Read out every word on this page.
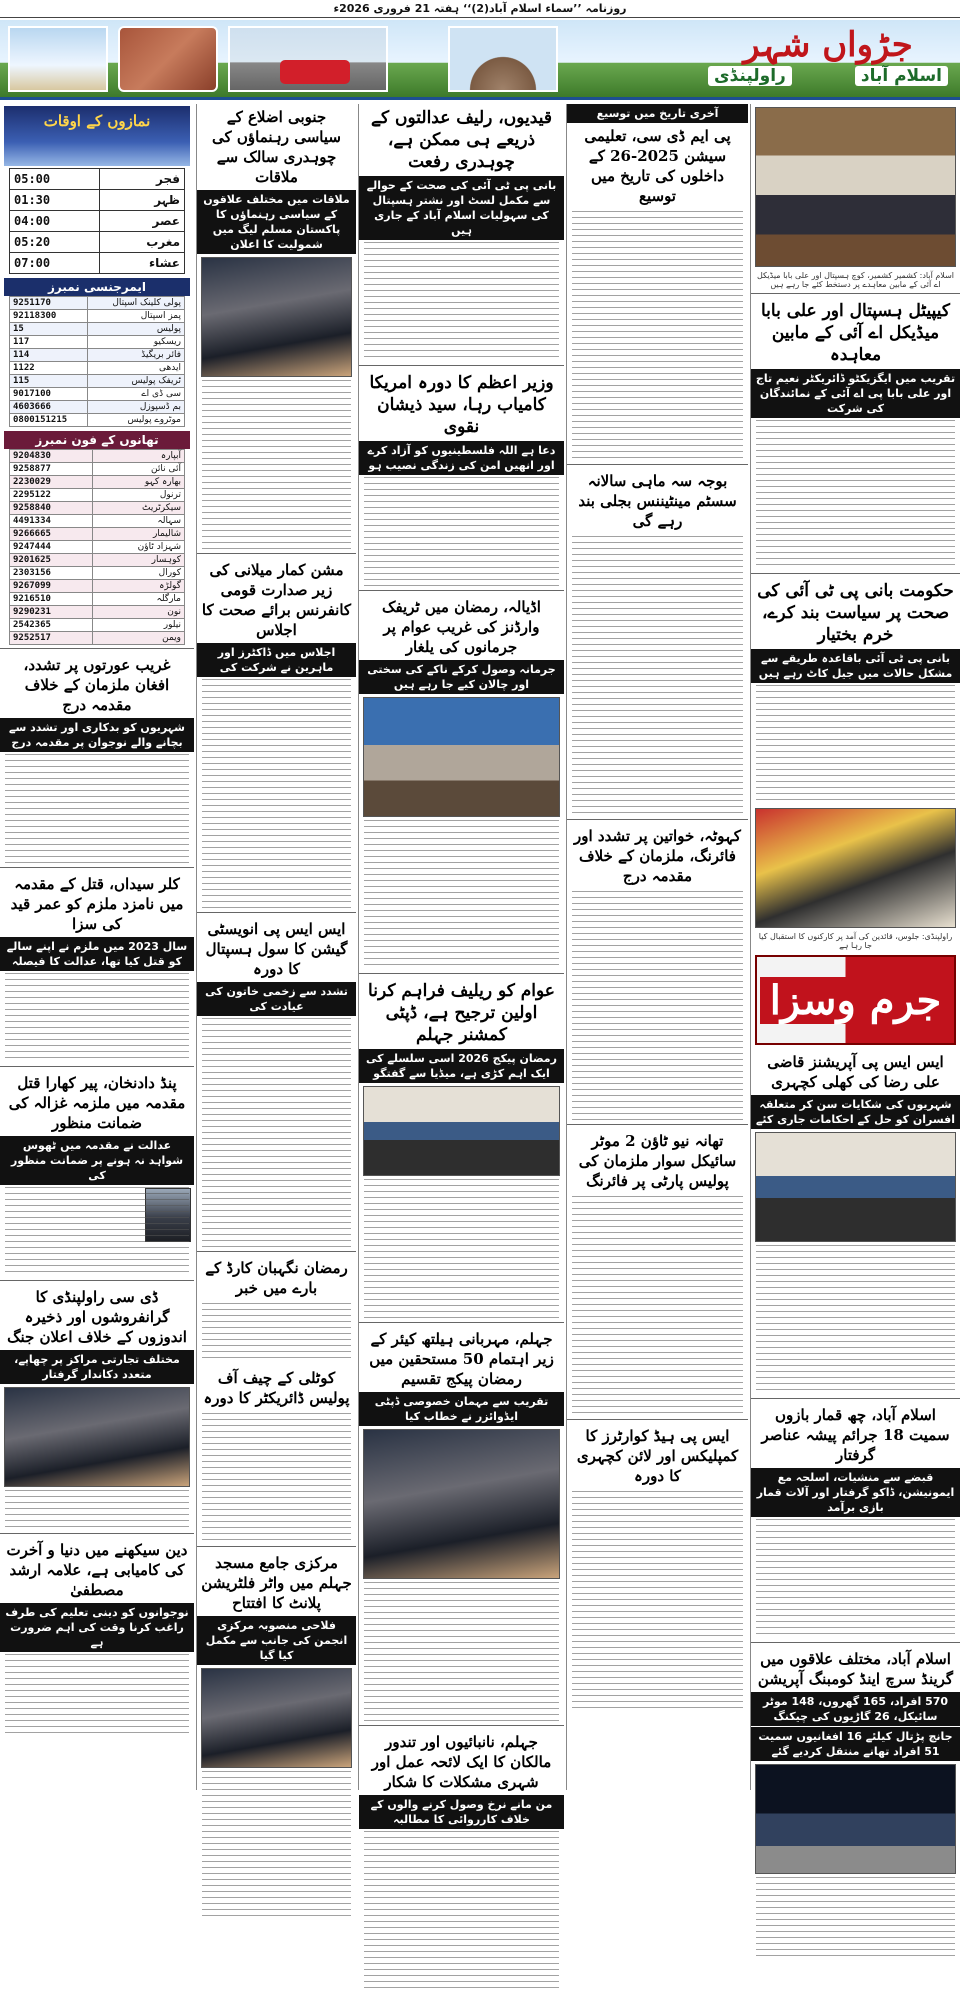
روزنامہ ’’سماء اسلام آباد(2)‘‘ ہفتہ 21 فروری 2026ء
جڑواں شہر
اسلام آباد
راولپنڈی
اسلام آباد: کشمیر کشمیر، کوچ ہسپتال اور علی بابا میڈیکل اے آئی کے مابین معاہدے پر دستخط کئے جا رہے ہیں
کیپیٹل ہسپتال اور علی بابا میڈیکل اے آئی کے مابین معاہدہ
تقریب میں ایگزیکٹو ڈائریکٹر نعیم تاج اور علی بابا پی اے آئی کے نمائندگان کی شرکت
حکومت بانی پی ٹی آئی کی صحت پر سیاست بند کرے، خرم بختیار
بانی پی ٹی آئی باقاعدہ طریقے سے مشکل حالات میں جیل کاٹ رہے ہیں
راولپنڈی: جلوس، قائدین کی آمد پر کارکنوں کا استقبال کیا جا رہا ہے
جرم وسزا
ایس ایس پی آپریشنز قاضی علی رضا کی کھلی کچہری
شہریوں کی شکایات سن کر متعلقہ افسران کو حل کے احکامات جاری کئے
اسلام آباد، چھ قمار بازوں سمیت 18 جرائم پیشہ عناصر گرفتار
قبضے سے منشیات، اسلحہ مع ایمونیشن، ڈاکو گرفتار اور آلات قمار بازی برآمد
اسلام آباد، مختلف علاقوں میں گرینڈ سرچ اینڈ کومبنگ آپریشن
570 افراد، 165 گھروں، 148 موٹر سائیکل، 26 گاڑیوں کی چیکنگ
جانچ پڑتال کیلئے 16 افغانیوں سمیت 51 افراد تھانے منتقل کردیے گئے
آخری تاریخ میں توسیع
پی ایم ڈی سی، تعلیمی سیشن 2025-26 کے داخلوں کی تاریخ میں توسیع
بوجہ سہ ماہی سالانہ سسٹم مینٹیننس بجلی بند رہے گی
کہوٹہ، خواتین پر تشدد اور فائرنگ، ملزمان کے خلاف مقدمہ درج
تھانہ نیو ٹاؤن 2 موٹر سائیکل سوار ملزمان کی پولیس پارٹی پر فائرنگ
ایس پی ہیڈ کوارٹرز کا کمپلیکس اور لائن کچہری کا دورہ
قیدیوں، رلیف عدالتوں کے ذریعے ہی ممکن ہے، چوہدری رفعت
بانی پی ٹی آئی کی صحت کے حوالے سے مکمل لسٹ اور نشتر ہسپتال کی سہولیات اسلام آباد کے جاری ہیں
وزیر اعظم کا دورہ امریکا کامیاب رہا، سید ذیشان نقوی
دعا ہے اللہ فلسطینیوں کو آزاد کرے اور انھیں امن کی زندگی نصیب ہو
اڈیالہ، رمضان میں ٹریفک وارڈنز کی غریب عوام پر جرمانوں کی یلغار
جرمانہ وصول کرکے ناکے کی سختی اور چالان کیے جا رہے ہیں
عوام کو ریلیف فراہم کرنا اولین ترجیح ہے، ڈپٹی کمشنر جہلم
رمضان پیکج 2026 اسی سلسلے کی ایک اہم کڑی ہے، میڈیا سے گفتگو
جہلم، مہربانی ہیلتھ کیئر کے زیر اہتمام 50 مستحقین میں رمضان پیکج تقسیم
تقریب سے مہمان خصوصی ڈپٹی ایڈوائزر نے خطاب کیا
جہلم، نانبائیوں اور تندور مالکان کا ایک لائحہ عمل اور شہری مشکلات کا شکار
من مانے نرخ وصول کرنے والوں کے خلاف کارروائی کا مطالبہ
جنوبی اضلاع کے سیاسی رہنماؤں کی چوہدری سالک سے ملاقات
ملاقات میں مختلف علاقوں کے سیاسی رہنماؤں کا پاکستان مسلم لیگ میں شمولیت کا اعلان
مشن کمار میلانی کی زیر صدارت قومی کانفرنس برائے صحت کا اجلاس
اجلاس میں ڈاکٹرز اور ماہرین نے شرکت کی
ایس ایس پی انویسٹی گیشن کا سول ہسپتال کا دورہ
تشدد سے زخمی خاتون کی عیادت کی
رمضان نگہبان کارڈ کے بارے میں خبر
کوٹلی کے چیف آف پولیس ڈائریکٹر کا دورہ
مرکزی جامع مسجد جہلم میں واٹر فلٹریشن پلانٹ کا افتتاح
فلاحی منصوبہ مرکزی انجمن کی جانب سے مکمل کیا گیا
نمازوں کے اوقات
فجر	05:00
ظہر	01:30
عصر	04:00
مغرب	05:20
عشاء	07:00
ایمرجنسی نمبرز
پولی کلینک اسپتال	9251170
پمز اسپتال	92118300
پولیس	15
ریسکیو	117
فائر بریگیڈ	114
ایدھی	1122
ٹریفک پولیس	115
سی ڈی اے	9017100
بم ڈسپوزل	4603666
موٹروے پولیس	0800151215
تھانوں کے فون نمبرز
آبپارہ	9204830
آئی نائن	9258877
بھارہ کہو	2230029
ترنول	2295122
سیکرٹریٹ	9258840
سہالہ	4491334
شالیمار	9266665
شہزاد ٹاؤن	9247444
کوہسار	9201625
کورال	2303156
گولڑہ	9267099
مارگلہ	9216510
نون	9290231
نیلور	2542365
ویمن	9252517
غریب عورتوں پر تشدد، افغان ملزمان کے خلاف مقدمہ درج
شہریوں کو بدکاری اور تشدد سے بچانے والے نوجوان پر مقدمہ درج
کلر سیداں، قتل کے مقدمہ میں نامزد ملزم کو عمر قید کی سزا
سال 2023 میں ملزم نے اپنے سالے کو قتل کیا تھا، عدالت کا فیصلہ
پنڈ دادنخان، پیر کھارا قتل مقدمہ میں ملزمہ غزالہ کی ضمانت منظور
عدالت نے مقدمہ میں ٹھوس شواہد نہ ہونے پر ضمانت منظور کی
ڈی سی راولپنڈی کا گرانفروشوں اور ذخیرہ اندوزوں کے خلاف اعلان جنگ
مختلف تجارتی مراکز پر چھاپے، متعدد دکاندار گرفتار
دین سیکھنے میں دنیا و آخرت کی کامیابی ہے، علامہ ارشد مصطفیٰ
نوجوانوں کو دینی تعلیم کی طرف راغب کرنا وقت کی اہم ضرورت ہے
